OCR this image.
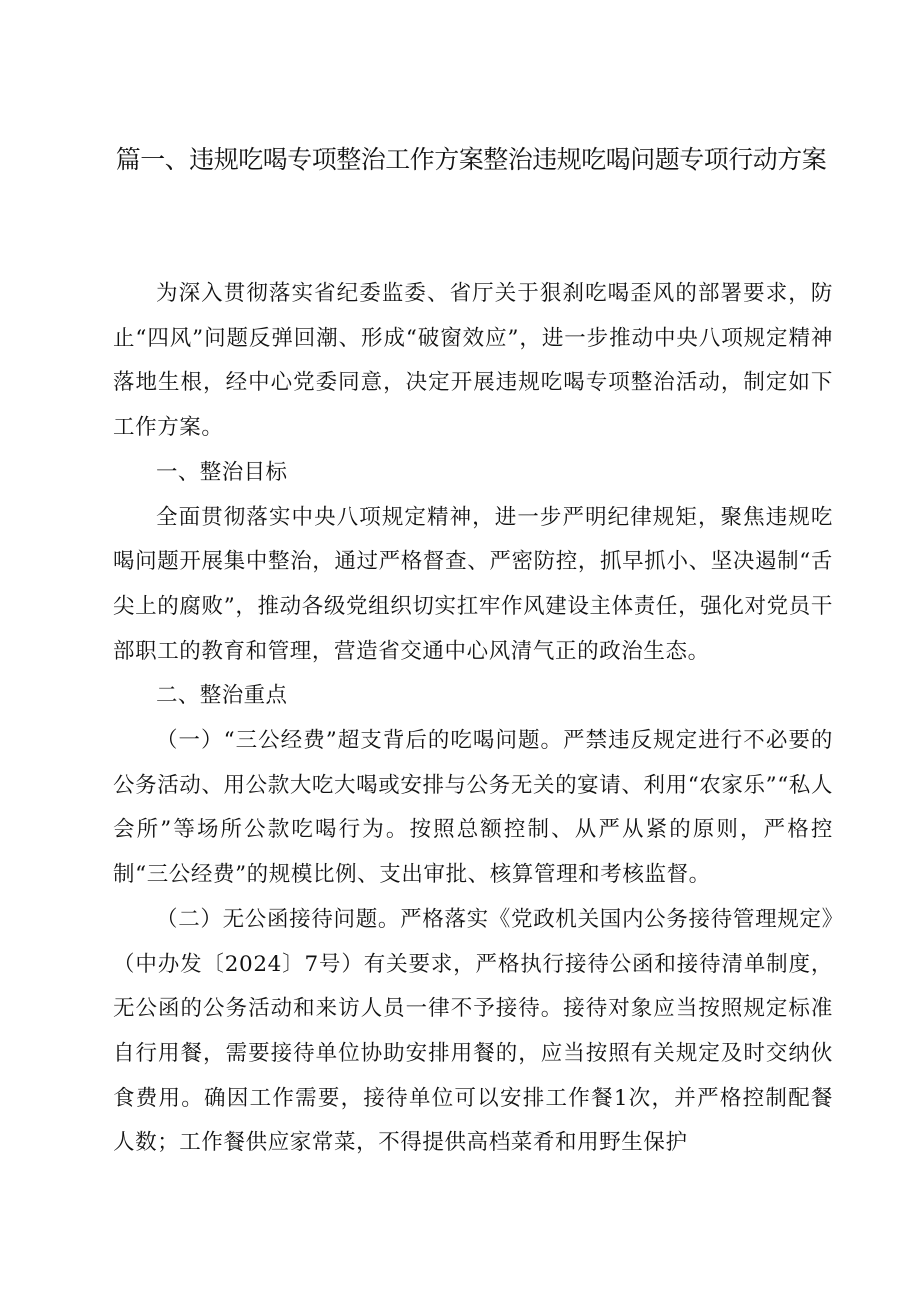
篇一、违规吃喝专项整治工作方案整治违规吃喝问题专项行动方案

为深入贯彻落实省纪委监委、省厅关于狠刹吃喝歪风的部署要求，防止“四风”问题反弹回潮、形成“破窗效应”，进一步推动中央八项规定精神落地生根，经中心党委同意，决定开展违规吃喝专项整治活动，制定如下工作方案。

一、整治目标

全面贯彻落实中央八项规定精神，进一步严明纪律规矩，聚焦违规吃喝问题开展集中整治，通过严格督查、严密防控，抓早抓小、坚决遏制“舌尖上的腐败”，推动各级党组织切实扛牢作风建设主体责任，强化对党员干部职工的教育和管理，营造省交通中心风清气正的政治生态。

二、整治重点

（一）“三公经费”超支背后的吃喝问题。严禁违反规定进行不必要的公务活动、用公款大吃大喝或安排与公务无关的宴请、利用“农家乐”“私人会所”等场所公款吃喝行为。按照总额控制、从严从紧的原则，严格控制“三公经费”的规模比例、支出审批、核算管理和考核监督。

（二）无公函接待问题。严格落实《党政机关国内公务接待管理规定》（中办发〔2024〕7号）有关要求，严格执行接待公函和接待清单制度，无公函的公务活动和来访人员一律不予接待。接待对象应当按照规定标准自行用餐，需要接待单位协助安排用餐的，应当按照有关规定及时交纳伙食费用。确因工作需要，接待单位可以安排工作餐1次，并严格控制配餐人数；工作餐供应家常菜，不得提供高档菜肴和用野生保护
